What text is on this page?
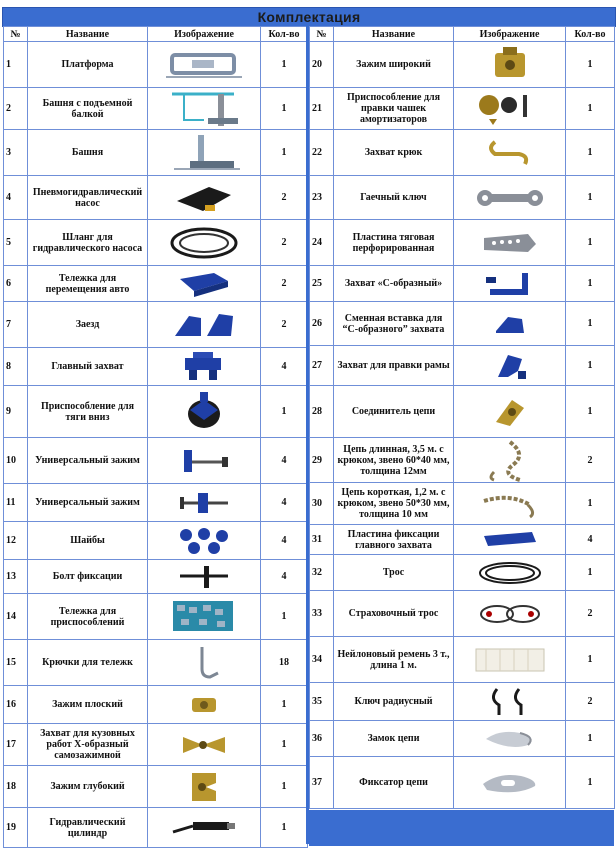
Комплектация
№	Название	Изображение	Кол-во
1	Платформа		1
2	Башня с подъемной балкой		1
3	Башня		1
4	Пневмогидравлический насос		2
5	Шланг для гидравлического насоса		2
6	Тележка для перемещения авто		2
7	Заезд		2
8	Главный захват		4
9	Приспособление для тяги вниз		1
10	Универсальный зажим		4
11	Универсальный зажим		4
12	Шайбы		4
13	Болт фиксации		4
14	Тележка для приспособлений		1
15	Крючки для тележк		18
16	Зажим плоский		1
17	Захват для кузовных работ Х-образный самозажимной		1
18	Зажим глубокий		1
19	Гидравлический цилиндр		1
№	Название	Изображение	Кол-во
20	Зажим широкий		1
21	Приспособление для правки чашек амортизаторов		1
22	Захват крюк		1
23	Гаечный ключ		1
24	Пластина тяговая перфорированная		1
25	Захват «С-образный»		1
26	Сменная вставка для “С-образного” захвата		1
27	Захват для правки рамы		1
28	Соединитель цепи		1
29	Цепь длинная, 3,5 м. с крюком, звено 60*40 мм, толщина 12мм		2
30	Цепь короткая, 1,2 м. с крюком, звено 50*30 мм, толщина 10 мм		1
31	Пластина фиксации главного захвата		4
32	Трос		1
33	Страховочный трос		2
34	Нейлоновый ремень 3 т., длина 1 м.		1
35	Ключ радиусный		2
36	Замок цепи		1
37	Фиксатор цепи		1
